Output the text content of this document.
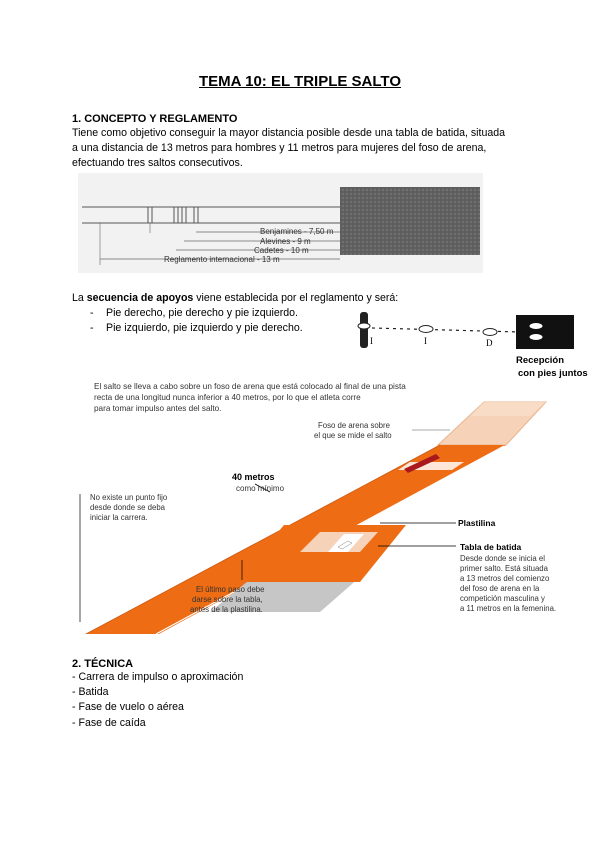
TEMA 10: EL TRIPLE SALTO
1. CONCEPTO Y REGLAMENTO
Tiene como objetivo conseguir la mayor distancia posible desde una tabla de batida, situada
a una distancia de 13 metros para hombres y 11 metros para mujeres del foso de arena,
efectuando tres saltos consecutivos.
Benjamines - 7,50 m
Alevines - 9 m
Cadetes - 10 m
Reglamento internacional - 13 m
La secuencia de apoyos viene establecida por el reglamento y será:
- Pie derecho, pie derecho y pie izquierdo.
- Pie izquierdo, pie izquierdo y pie derecho.
I	I	D
Recepción
con pies juntos
El salto se lleva a cabo sobre un foso de arena que está colocado al final de una pista
recta de una longitud nunca inferior a 40 metros, por lo que el atleta corre
para tomar impulso antes del salto.
40 metros
como mínimo
Foso de arena sobre
el que se mide el salto
No existe un punto fijo
desde donde se deba
iniciar la carrera.
Plastilina
Tabla de batida
Desde donde se inicia el
primer salto. Está situada
a 13 metros del comienzo
del foso de arena en la
competición masculina y
a 11 metros en la femenina.
El último paso debe
darse sobre la tabla,
antes de la plastilina.
2. TÉCNICA
- Carrera de impulso o aproximación
- Batida
- Fase de vuelo o aérea
- Fase de caída
